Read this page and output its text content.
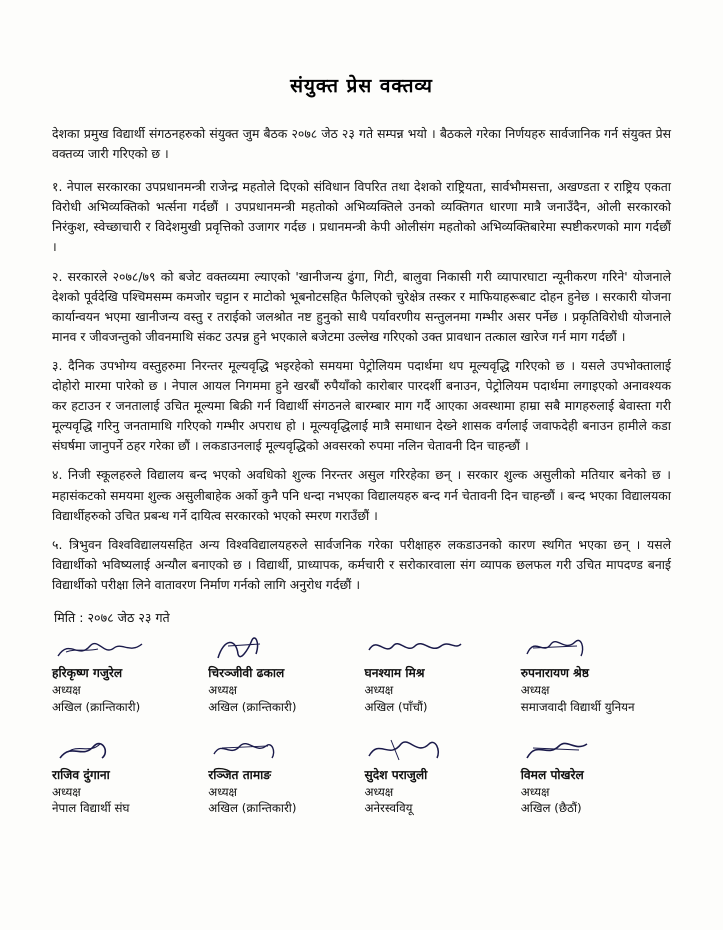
संयुक्त प्रेस वक्तव्य

देशका प्रमुख विद्यार्थी संगठनहरुको संयुक्त जुम बैठक २०७८ जेठ २३ गते सम्पन्न भयो । बैठकले गरेका निर्णयहरु सार्वजानिक गर्न संयुक्त प्रेस वक्तव्य जारी गरिएको छ ।

१. नेपाल सरकारका उपप्रधानमन्त्री राजेन्द्र महतोले दिएको संविधान विपरित तथा देशको राष्ट्रियता, सार्वभौमसत्ता, अखण्डता र राष्ट्रिय एकता विरोधी अभिव्यक्तिको भर्त्सना गर्दछौं । उपप्रधानमन्त्री महतोको अभिव्यक्तिले उनको व्यक्तिगत धारणा मात्रै जनाउँदैन, ओली सरकारको निरंकुश, स्वेच्छाचारी र विदेशमुखी प्रवृत्तिको उजागर गर्दछ । प्रधानमन्त्री केपी ओलीसंग महतोको अभिव्यक्तिबारेमा स्पष्टीकरणको माग गर्दछौं ।

२. सरकारले २०७८/७९ को बजेट वक्तव्यमा ल्याएको 'खानीजन्य ढुंगा, गिटी, बालुवा निकासी गरी व्यापारघाटा न्यूनीकरण गरिने' योजनाले देशको पूर्वदेखि पश्चिमसम्म कमजोर चट्टान र माटोको भूबनोटसहित फैलिएको चुरेक्षेत्र तस्कर र माफियाहरूबाट दोहन हुनेछ । सरकारी योजना कार्यान्वयन भएमा खानीजन्य वस्तु र तराईको जलश्रोत नष्ट हुनुको साथै पर्यावरणीय सन्तुलनमा गम्भीर असर पर्नेछ । प्रकृतिविरोधी योजनाले मानव र जीवजन्तुको जीवनमाथि संकट उत्पन्न हुने भएकाले बजेटमा उल्लेख गरिएको उक्त प्रावधान तत्काल खारेज गर्न माग गर्दछौं ।

३. दैनिक उपभोग्य वस्तुहरुमा निरन्तर मूल्यवृद्धि भइरहेको समयमा पेट्रोलियम पदार्थमा थप मूल्यवृद्धि गरिएको छ । यसले उपभोक्तालाई दोहोरो मारमा पारेको छ । नेपाल आयल निगममा हुने खरबौं रुपैयाँको कारोबार पारदर्शी बनाउन, पेट्रोलियम पदार्थमा लगाइएको अनावश्यक कर हटाउन र जनतालाई उचित मूल्यमा बिक्री गर्न विद्यार्थी संगठनले बारम्बार माग गर्दै आएका अवस्थामा हाम्रा सबै मागहरुलाई बेवास्ता गरी मूल्यवृद्धि गरिनु जनतामाथि गरिएको गम्भीर अपराध हो । मूल्यवृद्धिलाई मात्रै समाधान देख्ने शासक वर्गलाई जवाफदेही बनाउन हामीले कडा संघर्षमा जानुपर्ने ठहर गरेका छौं । लकडाउनलाई मूल्यवृद्धिको अवसरको रुपमा नलिन चेतावनी दिन चाहन्छौं ।

४. निजी स्कूलहरुले विद्यालय बन्द भएको अवधिको शुल्क निरन्तर असुल गरिरहेका छन् । सरकार शुल्क असुलीको मतियार बनेको छ । महासंकटको समयमा शुल्क असुलीबाहेक अर्को कुनै पनि धन्दा नभएका विद्यालयहरु बन्द गर्न चेतावनी दिन चाहन्छौं । बन्द भएका विद्यालयका विद्यार्थीहरुको उचित प्रबन्ध गर्ने दायित्व सरकारको भएको स्मरण गराउँछौं ।

५. त्रिभुवन विश्वविद्यालयसहित अन्य विश्वविद्यालयहरुले सार्वजनिक गरेका परीक्षाहरु लकडाउनको कारण स्थगित भएका छन् । यसले विद्यार्थीको भविष्यलाई अन्यौल बनाएको छ । विद्यार्थी, प्राध्यापक, कर्मचारी र सरोकारवाला संग व्यापक छलफल गरी उचित मापदण्ड बनाई विद्यार्थीको परीक्षा लिने वातावरण निर्माण गर्नको लागि अनुरोध गर्दछौं ।

मिति : २०७८ जेठ २३ गते
हरिकृष्ण गजुरेल
अध्यक्ष
अखिल (क्रान्तिकारी)
चिरञ्जीवी ढकाल
अध्यक्ष
अखिल (क्रान्तिकारी)
घनश्याम मिश्र
अध्यक्ष
अखिल (पाँचौं)
रुपनारायण श्रेष्ठ
अध्यक्ष
समाजवादी विद्यार्थी युनियन
राजिव दुंगाना
अध्यक्ष
नेपाल विद्यार्थी संघ
रञ्जित तामाङ
अध्यक्ष
अखिल (क्रान्तिकारी)
सुदेश पराजुली
अध्यक्ष
अनेरस्ववियू
विमल पोखरेल
अध्यक्ष
अखिल (छैठौं)
